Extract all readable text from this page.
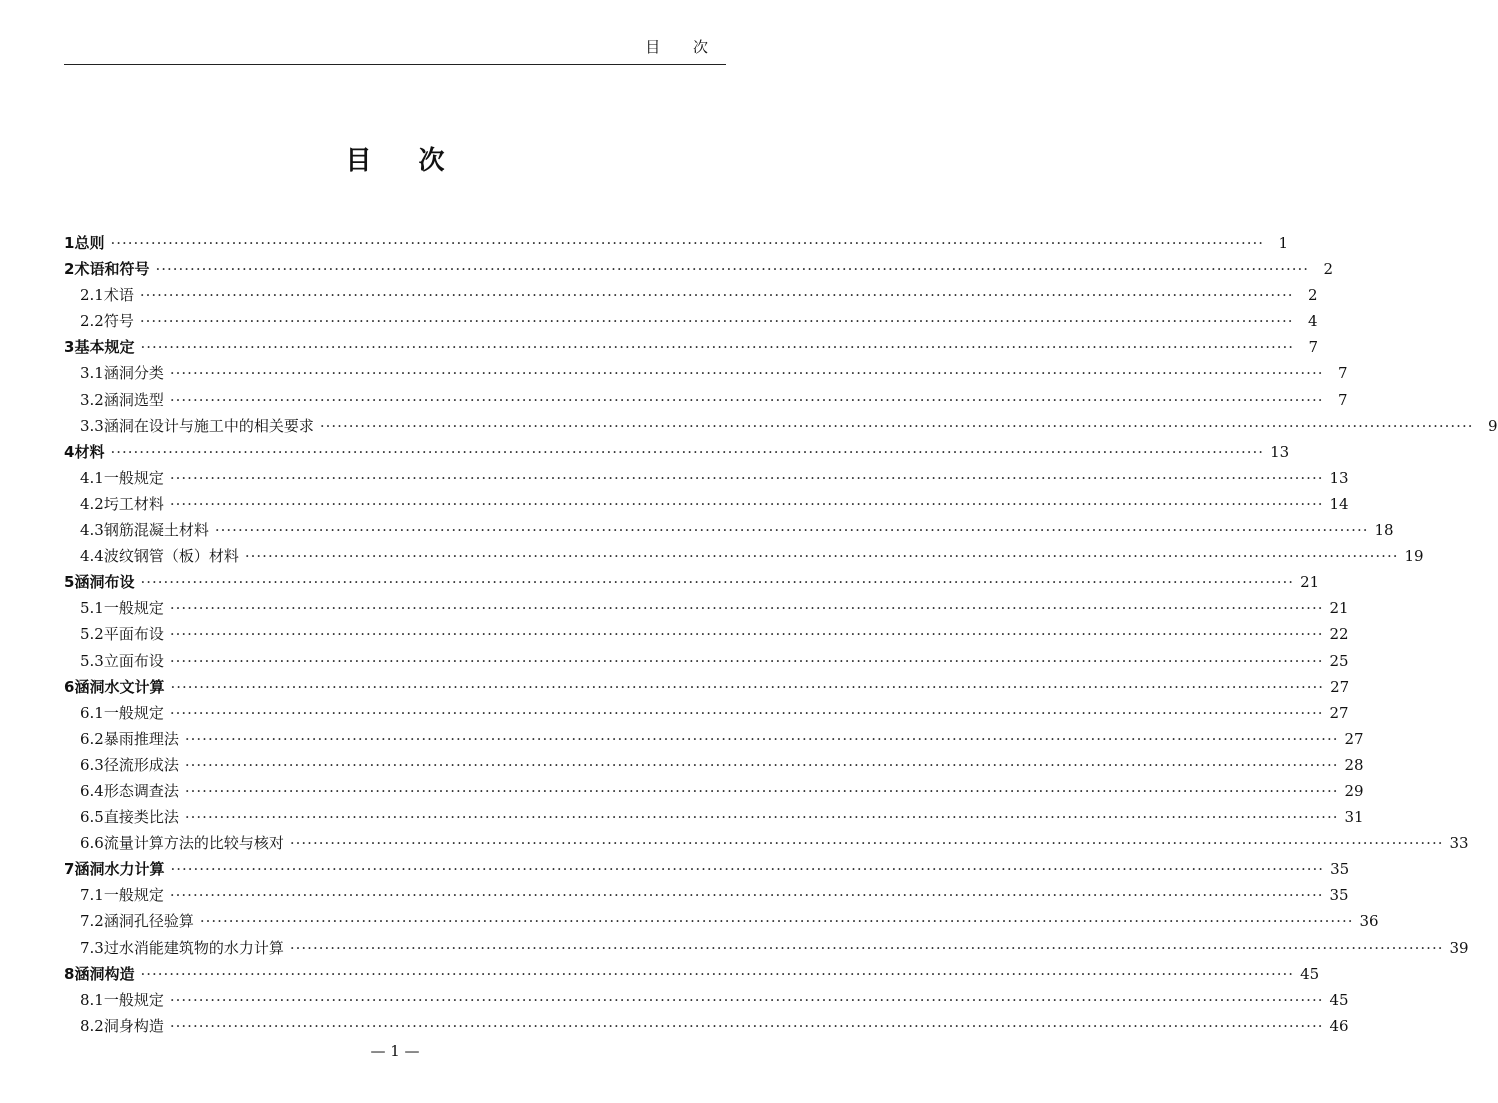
目 次
目 次
1 总则 ········································································································································································································ 1
2 术语和符号 ········································································································································································································ 2
2.1 术语 ········································································································································································································ 2
2.2 符号 ········································································································································································································ 4
3 基本规定 ········································································································································································································ 7
3.1 涵洞分类 ········································································································································································································ 7
3.2 涵洞选型 ········································································································································································································ 7
3.3 涵洞在设计与施工中的相关要求 ········································································································································································································ 9
4 材料 ········································································································································································································ 13
4.1 一般规定 ········································································································································································································ 13
4.2 圬工材料 ········································································································································································································ 14
4.3 钢筋混凝土材料 ········································································································································································································ 18
4.4 波纹钢管（板）材料 ········································································································································································································ 19
5 涵洞布设 ········································································································································································································ 21
5.1 一般规定 ········································································································································································································ 21
5.2 平面布设 ········································································································································································································ 22
5.3 立面布设 ········································································································································································································ 25
6 涵洞水文计算 ········································································································································································································ 27
6.1 一般规定 ········································································································································································································ 27
6.2 暴雨推理法 ········································································································································································································ 27
6.3 径流形成法 ········································································································································································································ 28
6.4 形态调查法 ········································································································································································································ 29
6.5 直接类比法 ········································································································································································································ 31
6.6 流量计算方法的比较与核对 ········································································································································································································ 33
7 涵洞水力计算 ········································································································································································································ 35
7.1 一般规定 ········································································································································································································ 35
7.2 涵洞孔径验算 ········································································································································································································ 36
7.3 过水消能建筑物的水力计算 ········································································································································································································ 39
8 涵洞构造 ········································································································································································································ 45
8.1 一般规定 ········································································································································································································ 45
8.2 洞身构造 ········································································································································································································ 46
— 1 —
